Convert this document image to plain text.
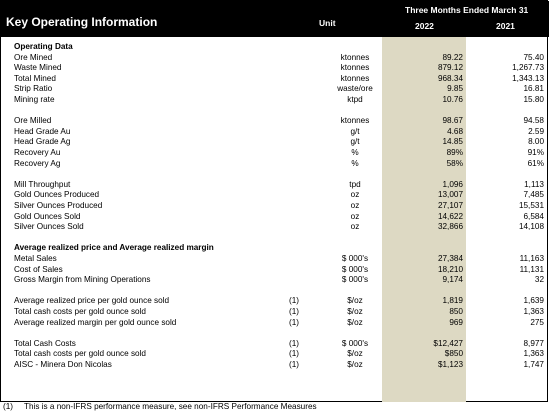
Key Operating Information	Unit
Three Months Ended March 31
2022	2021
Operating Data
Ore Mined	ktonnes	89.22	75.40
Waste Mined	ktonnes	879.12	1,267.73
Total Mined	ktonnes	968.34	1,343.13
Strip Ratio	waste/ore	9.85	16.81
Mining rate	ktpd	10.76	15.80
Ore Milled	ktonnes	98.67	94.58
Head Grade Au	g/t	4.68	2.59
Head Grade Ag	g/t	14.85	8.00
Recovery Au	%	89%	91%
Recovery Ag	%	58%	61%
Mill Throughput	tpd	1,096	1,113
Gold Ounces Produced	oz	13,007	7,485
Silver Ounces Produced	oz	27,107	15,531
Gold Ounces Sold	oz	14,622	6,584
Silver Ounces Sold	oz	32,866	14,108
Average realized price and Average realized margin
Metal Sales	$ 000's	27,384	11,163
Cost of Sales	$ 000's	18,210	11,131
Gross Margin from Mining Operations	$ 000's	9,174	32
Average realized price per gold ounce sold	(1)	$/oz	1,819	1,639
Total cash costs per gold ounce sold	(1)	$/oz	850	1,363
Average realized margin per gold ounce sold	(1)	$/oz	969	275
Total Cash Costs	(1)	$ 000's	$12,427	8,977
Total cash costs per gold ounce sold	(1)	$/oz	$850	1,363
AISC - Minera Don Nicolas	(1)	$/oz	$1,123	1,747
(1) This is a non-IFRS performance measure, see non-IFRS Performance Measures
